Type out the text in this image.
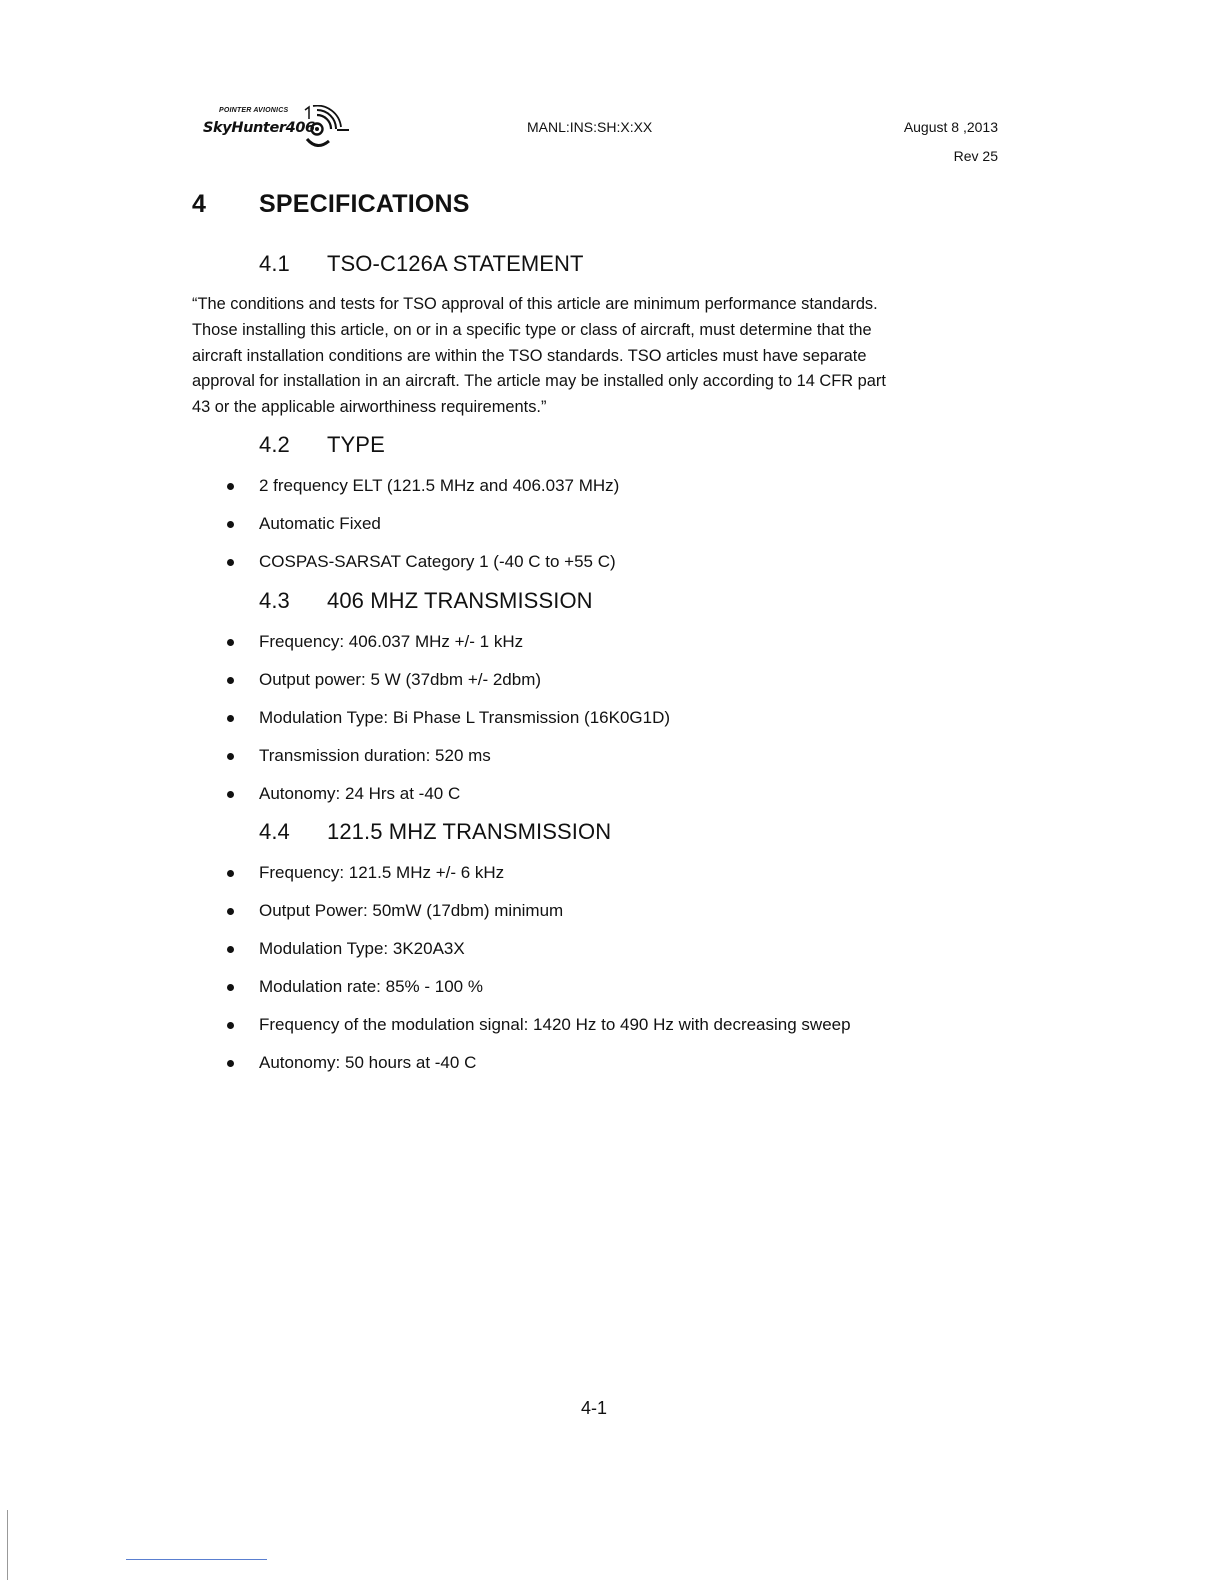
POINTER AVIONICS
SkyHunter406	MANL:INS:SH:X:XX	August 8 ,2013
Rev 25
4 SPECIFICATIONS
4.1 TSO-C126A STATEMENT
“The conditions and tests for TSO approval of this article are minimum performance standards.
Those installing this article, on or in a specific type or class of aircraft, must determine that the
aircraft installation conditions are within the TSO standards. TSO articles must have separate
approval for installation in an aircraft. The article may be installed only according to 14 CFR part
43 or the applicable airworthiness requirements.”
4.2 TYPE
2 frequency ELT (121.5 MHz and 406.037 MHz)
Automatic Fixed
COSPAS-SARSAT Category 1 (-40 C to +55 C)
4.3 406 MHZ TRANSMISSION
Frequency: 406.037 MHz +/- 1 kHz
Output power: 5 W (37dbm +/- 2dbm)
Modulation Type: Bi Phase L Transmission (16K0G1D)
Transmission duration: 520 ms
Autonomy: 24 Hrs at -40 C
4.4 121.5 MHZ TRANSMISSION
Frequency: 121.5 MHz +/- 6 kHz
Output Power: 50mW (17dbm) minimum
Modulation Type: 3K20A3X
Modulation rate: 85% - 100 %
Frequency of the modulation signal: 1420 Hz to 490 Hz with decreasing sweep
Autonomy: 50 hours at -40 C
4-1
